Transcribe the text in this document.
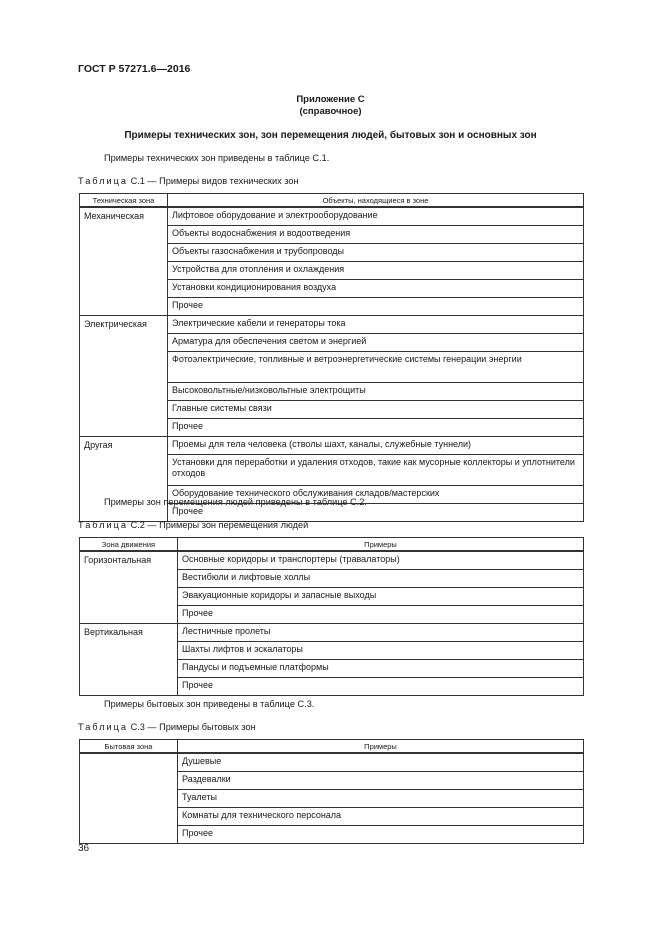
ГОСТ Р 57271.6—2016
Приложение С
(справочное)
Примеры технических зон, зон перемещения людей, бытовых зон и основных зон
Примеры технических зон приведены в таблице С.1.
Таблица С.1 — Примеры видов технических зон
Техническая зона	Объекты, находящиеся в зоне
Механическая	Лифтовое оборудование и электрооборудование
	Объекты водоснабжения и водоотведения
	Объекты газоснабжения и трубопроводы
	Устройства для отопления и охлаждения
	Установки кондиционирования воздуха
	Прочее
Электрическая	Электрические кабели и генераторы тока
	Арматура для обеспечения светом и энергией
	Фотоэлектрические, топливные и ветроэнергетические системы генерации энергии
	Высоковольтные/низковольтные электрощиты
	Главные системы связи
	Прочее
Другая	Проемы для тела человека (стволы шахт, каналы, служебные туннели)
	Установки для переработки и удаления отходов, такие как мусорные коллекторы и уплотнители отходов
	Оборудование технического обслуживания складов/мастерских
	Прочее
Примеры зон перемещения людей приведены в таблице С.2.
Таблица С.2 — Примеры зон перемещения людей
Зона движения	Примеры
Горизонтальная	Основные коридоры и транспортеры (травалаторы)
	Вестибюли и лифтовые холлы
	Эвакуационные коридоры и запасные выходы
	Прочее
Вертикальная	Лестничные пролеты
	Шахты лифтов и эскалаторы
	Пандусы и подъемные платформы
	Прочее
Примеры бытовых зон приведены в таблице С.3.
Таблица С.3 — Примеры бытовых зон
Бытовая зона	Примеры
	Душевые
	Раздевалки
	Туалеты
	Комнаты для технического персонала
	Прочее
36
